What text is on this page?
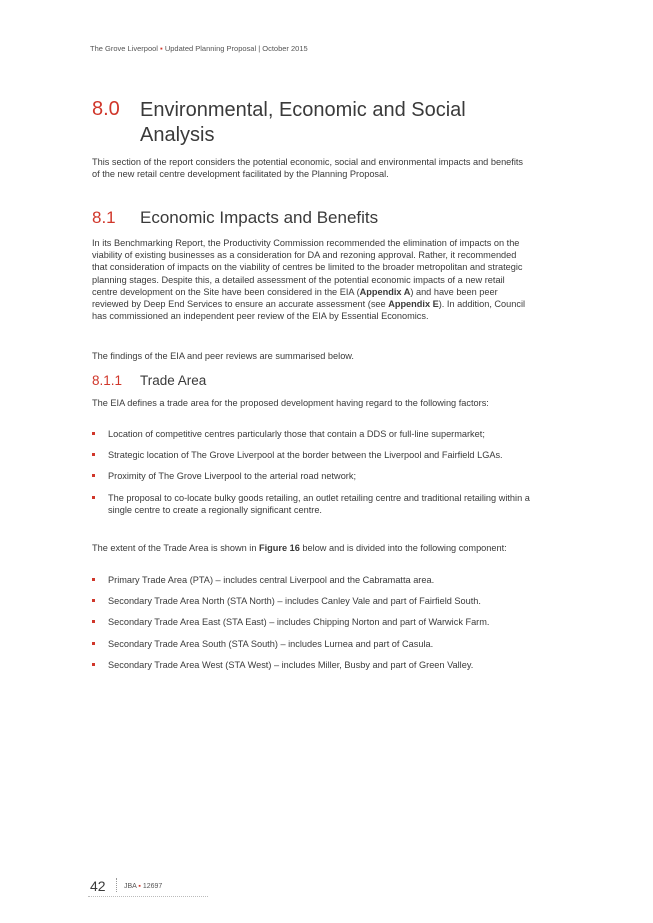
The Grove Liverpool ▪ Updated Planning Proposal | October 2015
8.0 Environmental, Economic and Social Analysis

This section of the report considers the potential economic, social and environmental impacts and benefits of the new retail centre development facilitated by the Planning Proposal.

8.1 Economic Impacts and Benefits

In its Benchmarking Report, the Productivity Commission recommended the elimination of impacts on the viability of existing businesses as a consideration for DA and rezoning approval. Rather, it recommended that consideration of impacts on the viability of centres be limited to the broader metropolitan and strategic planning stages. Despite this, a detailed assessment of the potential economic impacts of a new retail centre development on the Site have been considered in the EIA (Appendix A) and have been peer reviewed by Deep End Services to ensure an accurate assessment (see Appendix E). In addition, Council has commissioned an independent peer review of the EIA by Essential Economics.

The findings of the EIA and peer reviews are summarised below.

8.1.1 Trade Area

The EIA defines a trade area for the proposed development having regard to the following factors:

Location of competitive centres particularly those that contain a DDS or full-line supermarket;
Strategic location of The Grove Liverpool at the border between the Liverpool and Fairfield LGAs.
Proximity of The Grove Liverpool to the arterial road network;
The proposal to co-locate bulky goods retailing, an outlet retailing centre and traditional retailing within a single centre to create a regionally significant centre.

The extent of the Trade Area is shown in Figure 16 below and is divided into the following component:

Primary Trade Area (PTA) – includes central Liverpool and the Cabramatta area.
Secondary Trade Area North (STA North) – includes Canley Vale and part of Fairfield South.
Secondary Trade Area East (STA East) – includes Chipping Norton and part of Warwick Farm.
Secondary Trade Area South (STA South) – includes Lurnea and part of Casula.
Secondary Trade Area West (STA West) – includes Miller, Busby and part of Green Valley.
42	JBA ▪ 12697
